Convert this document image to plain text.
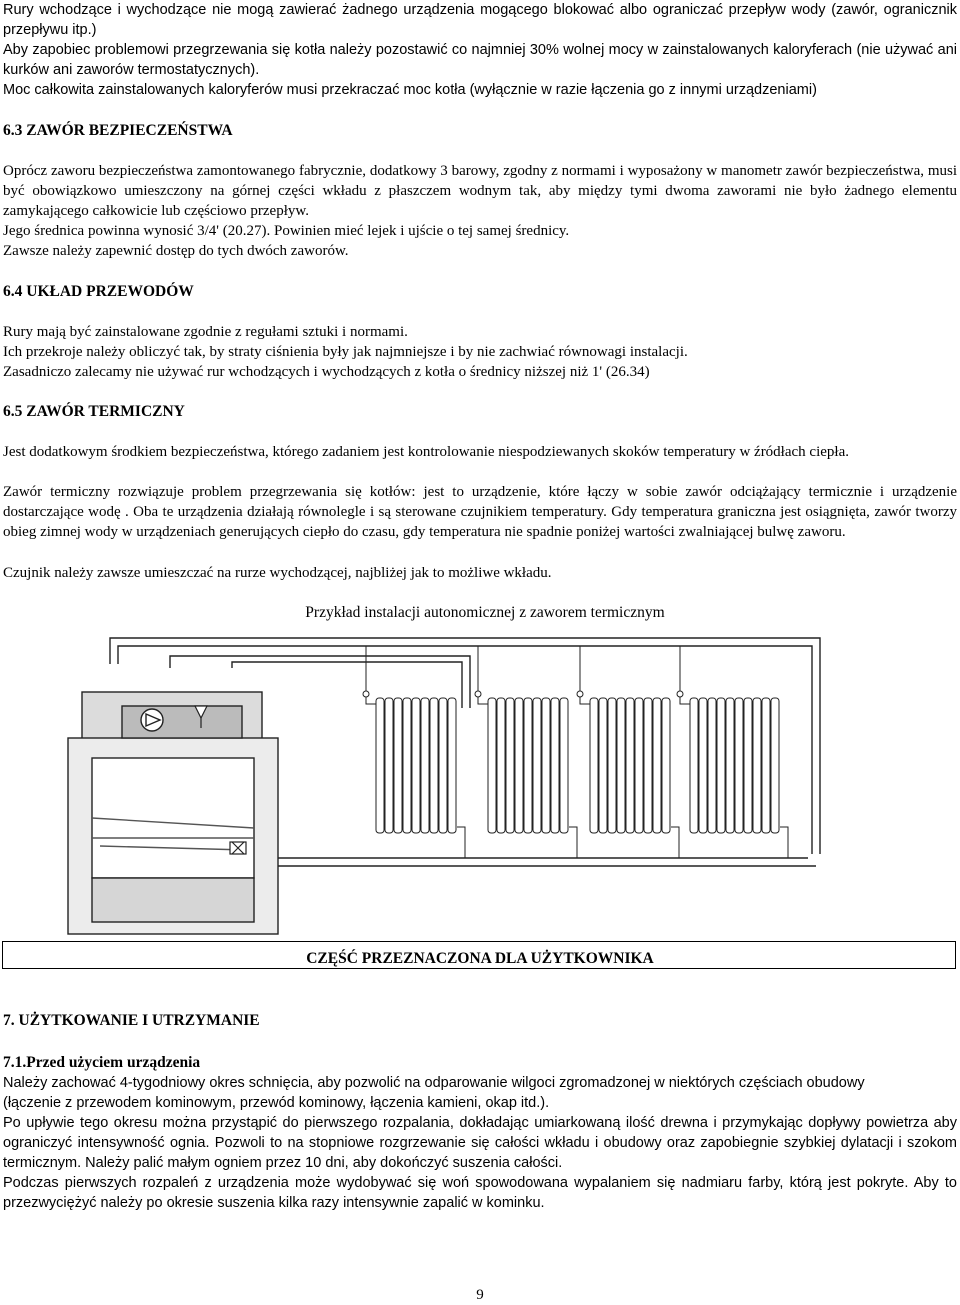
Rury wchodzące i wychodzące nie mogą zawierać żadnego urządzenia mogącego blokować albo ograniczać przepływ wody (zawór, ogranicznik przepływu itp.)

Aby zapobiec problemowi przegrzewania się kotła należy pozostawić co najmniej 30% wolnej mocy w zainstalowanych kaloryferach (nie używać ani kurków ani zaworów termostatycznych).

Moc całkowita zainstalowanych kaloryferów musi przekraczać moc kotła (wyłącznie w razie łączenia go z innymi urządzeniami)

6.3 ZAWÓR BEZPIECZEŃSTWA

Oprócz zaworu bezpieczeństwa zamontowanego fabrycznie, dodatkowy 3 barowy, zgodny z normami i wyposażony w manometr zawór bezpieczeństwa, musi być obowiązkowo umieszczony na górnej części wkładu z płaszczem wodnym tak, aby między tymi dwoma zaworami nie było żadnego elementu zamykającego całkowicie lub częściowo przepływ.

Jego średnica powinna wynosić 3/4' (20.27). Powinien mieć lejek i ujście o tej samej średnicy.

Zawsze należy zapewnić dostęp do tych dwóch zaworów.

6.4 UKŁAD PRZEWODÓW

Rury mają być zainstalowane zgodnie z regułami sztuki i normami.

Ich przekroje należy obliczyć tak, by straty ciśnienia były jak najmniejsze i by nie zachwiać równowagi instalacji.

Zasadniczo zalecamy nie używać rur wchodzących i wychodzących z kotła o średnicy niższej niż 1' (26.34)

6.5 ZAWÓR TERMICZNY

Jest dodatkowym środkiem bezpieczeństwa, którego zadaniem jest kontrolowanie niespodziewanych skoków temperatury w źródłach ciepła.

Zawór termiczny rozwiązuje problem przegrzewania się kotłów: jest to urządzenie, które łączy w sobie zawór odciążający termicznie i urządzenie dostarczające wodę . Oba te urządzenia działają równolegle i są sterowane czujnikiem temperatury. Gdy temperatura graniczna jest osiągnięta, zawór tworzy obieg zimnej wody w urządzeniach generujących ciepło do czasu, gdy temperatura nie spadnie poniżej wartości zwalniającej bulwę zaworu.

Czujnik należy zawsze umieszczać na rurze wychodzącej, najbliżej jak to możliwe wkładu.

Przykład instalacji autonomicznej z zaworem termicznym

CZĘŚĆ PRZEZNACZONA DLA UŻYTKOWNIKA

7. UŻYTKOWANIE I UTRZYMANIE

7.1.Przed użyciem urządzenia

Należy zachować 4-tygodniowy okres schnięcia, aby pozwolić na odparowanie wilgoci zgromadzonej w niektórych częściach obudowy (łączenie z przewodem kominowym, przewód kominowy, łączenia kamieni, okap itd.).

Po upływie tego okresu można przystąpić do pierwszego rozpalania, dokładając umiarkowaną ilość drewna i przymykając dopływy powietrza aby ograniczyć intensywność ognia. Pozwoli to na stopniowe rozgrzewanie się całości wkładu i obudowy oraz zapobiegnie szybkiej dylatacji i szokom termicznym. Należy palić małym ogniem przez 10 dni, aby dokończyć suszenia całości.

Podczas pierwszych rozpaleń z urządzenia może wydobywać się woń spowodowana wypalaniem się nadmiaru farby, którą jest pokryte. Aby to przezwyciężyć należy po okresie suszenia kilka razy intensywnie zapalić w kominku.

9
